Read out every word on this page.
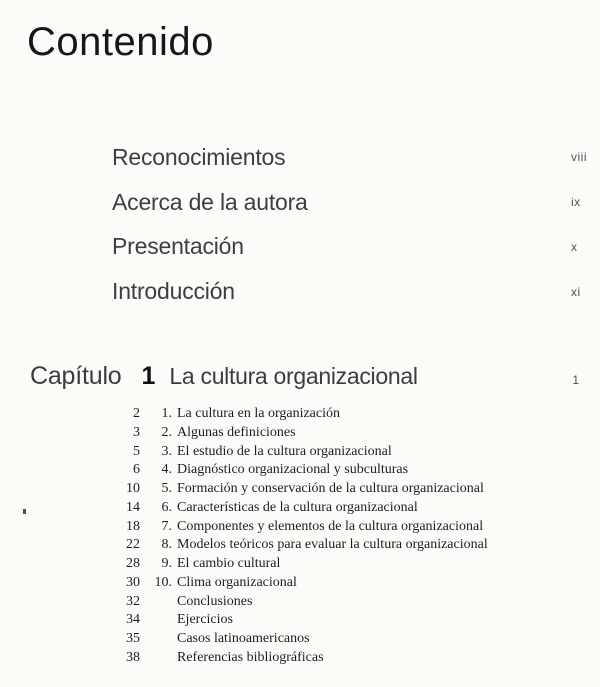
Contenido
Reconocimientos	viii
Acerca de la autora	ix
Presentación	x
Introducción	xi
Capítulo 1 La cultura organizacional	1
2	1. La cultura en la organización
3	2. Algunas definiciones
5	3. El estudio de la cultura organizacional
6	4. Diagnóstico organizacional y subculturas
10	5. Formación y conservación de la cultura organizacional
14	6. Características de la cultura organizacional
18	7. Componentes y elementos de la cultura organizacional
22	8. Modelos teóricos para evaluar la cultura organizacional
28	9. El cambio cultural
30	10. Clima organizacional
32	Conclusiones
34	Ejercicios
35	Casos latinoamericanos
38	Referencias bibliográficas
